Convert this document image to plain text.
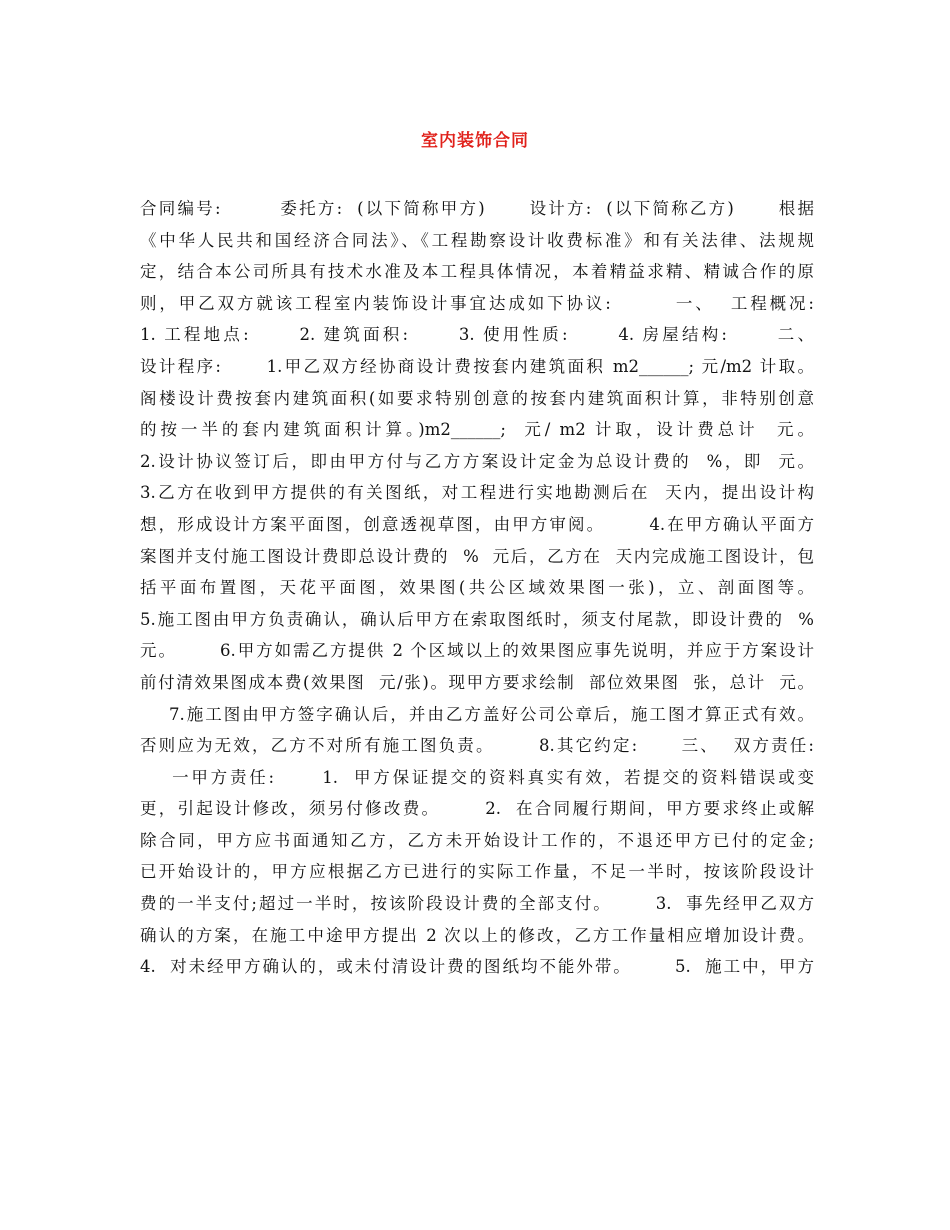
室内装饰合同
合同编号:        委托方:  (以下简称甲方)      设计方:  (以下简称乙方)      根据
《中华人民共和国经济合同法》、《工程勘察设计收费标准》和有关法律、法规规
定，结合本公司所具有技术水准及本工程具体情况，本着精益求精、精诚合作的原
则，甲乙双方就该工程室内装饰设计事宜达成如下协议:        一、  工程概况:
1. 工程地点:      2. 建筑面积:      3. 使用性质:      4. 房屋结构:      二、
设计程序:      1.甲乙双方经协商设计费按套内建筑面积 m2______; 元/m2 计取。
阁楼设计费按套内建筑面积(如要求特别创意的按套内建筑面积计算，非特别创意
的按一半的套内建筑面积计算。)m2______;  元/ m2 计取，设计费总计  元。
2.设计协议签订后，即由甲方付与乙方方案设计定金为总设计费的  %，即  元。
3.乙方在收到甲方提供的有关图纸，对工程进行实地勘测后在  天内，提出设计构
想，形成设计方案平面图，创意透视草图，由甲方审阅。      4.在甲方确认平面方
案图并支付施工图设计费即总设计费的  %  元后，乙方在  天内完成施工图设计，包
括平面布置图，天花平面图，效果图(共公区域效果图一张)，立、剖面图等。
5.施工图由甲方负责确认，确认后甲方在索取图纸时，须支付尾款，即设计费的  %
元。      6.甲方如需乙方提供 2 个区域以上的效果图应事先说明，并应于方案设计
前付清效果图成本费(效果图  元/张)。现甲方要求绘制  部位效果图  张，总计  元。
7.施工图由甲方签字确认后，并由乙方盖好公司公章后，施工图才算正式有效。
否则应为无效，乙方不对所有施工图负责。      8.其它约定:      三、  双方责任:
一甲方责任:      1.  甲方保证提交的资料真实有效，若提交的资料错误或变
更，引起设计修改，须另付修改费。      2.  在合同履行期间，甲方要求终止或解
除合同，甲方应书面通知乙方，乙方未开始设计工作的，不退还甲方已付的定金;
已开始设计的，甲方应根据乙方已进行的实际工作量，不足一半时，按该阶段设计
费的一半支付;超过一半时，按该阶段设计费的全部支付。      3.  事先经甲乙双方
确认的方案，在施工中途甲方提出 2 次以上的修改，乙方工作量相应增加设计费。
4.  对未经甲方确认的，或未付清设计费的图纸均不能外带。      5.  施工中，甲方
